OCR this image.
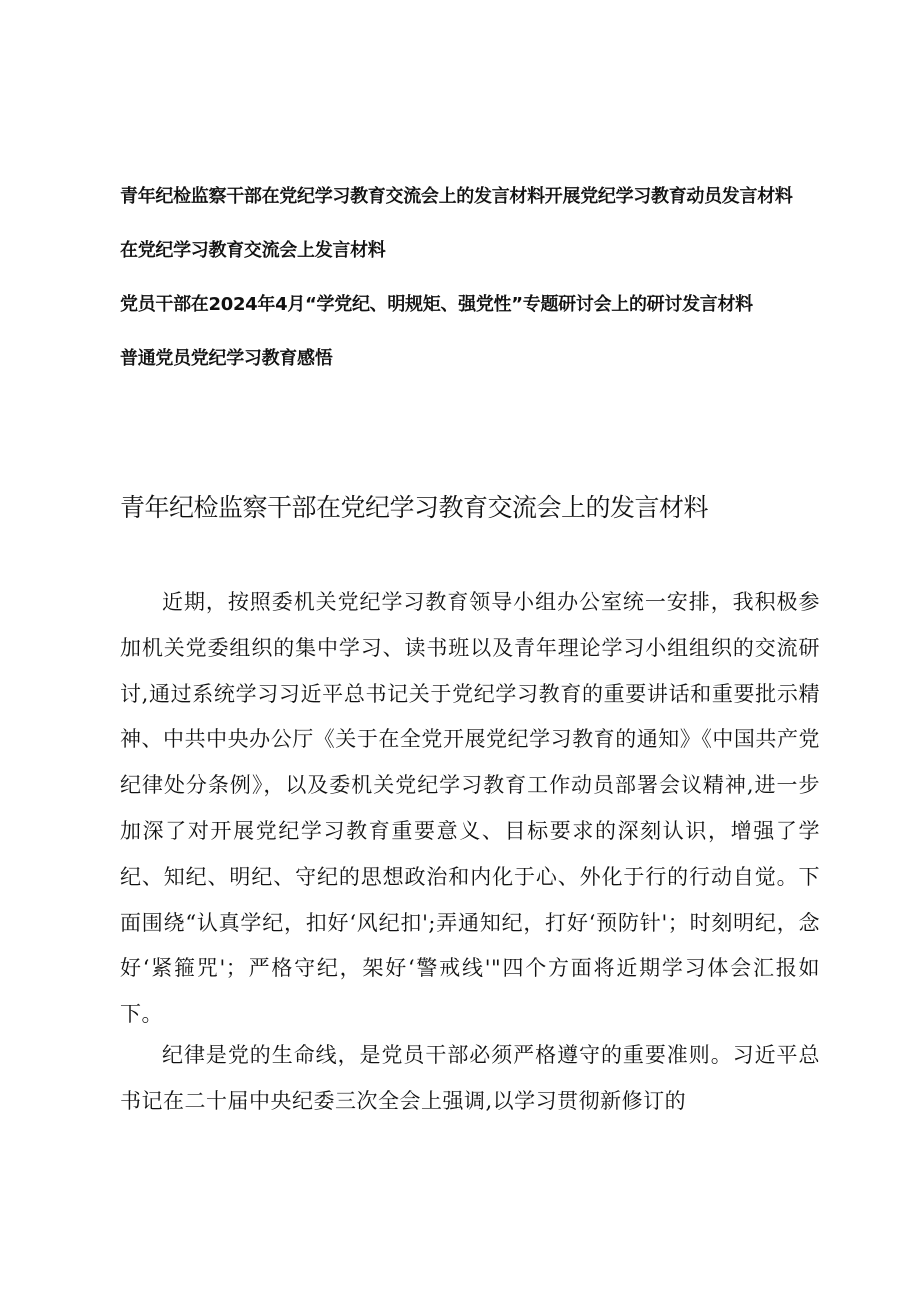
青年纪检监察干部在党纪学习教育交流会上的发言材料开展党纪学习教育动员发言材料
在党纪学习教育交流会上发言材料
党员干部在2024年4月“学党纪、明规矩、强党性”专题研讨会上的研讨发言材料
普通党员党纪学习教育感悟
青年纪检监察干部在党纪学习教育交流会上的发言材料

近期，按照委机关党纪学习教育领导小组办公室统一安排，我积极参加机关党委组织的集中学习、读书班以及青年理论学习小组组织的交流研讨,通过系统学习习近平总书记关于党纪学习教育的重要讲话和重要批示精神、中共中央办公厅《关于在全党开展党纪学习教育的通知》《中国共产党纪律处分条例》，以及委机关党纪学习教育工作动员部署会议精神,进一步加深了对开展党纪学习教育重要意义、目标要求的深刻认识，增强了学纪、知纪、明纪、守纪的思想政治和内化于心、外化于行的行动自觉。下面围绕“认真学纪，扣好‘风纪扣';弄通知纪，打好‘预防针'；时刻明纪，念好‘紧箍咒'；严格守纪，架好‘警戒线'"四个方面将近期学习体会汇报如下。

纪律是党的生命线，是党员干部必须严格遵守的重要准则。习近平总书记在二十届中央纪委三次全会上强调,以学习贯彻新修订的
